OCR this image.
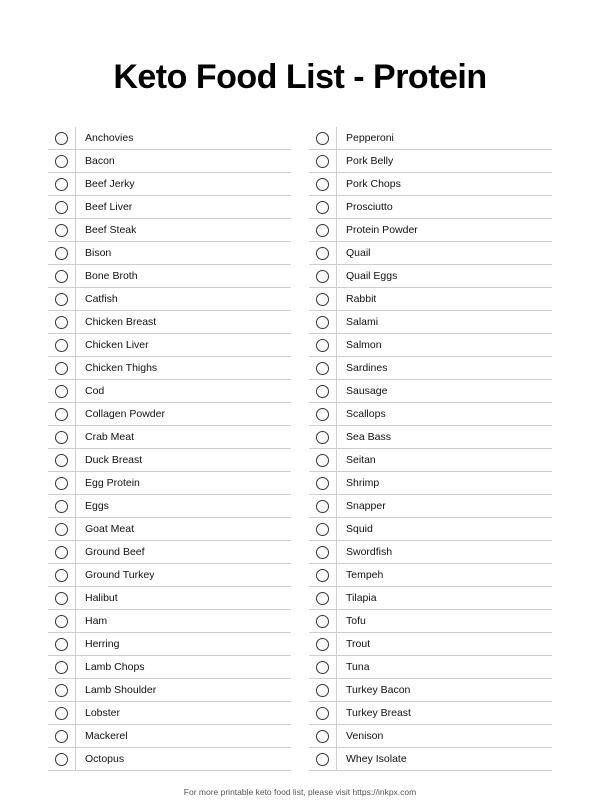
Keto Food List - Protein
Anchovies
Bacon
Beef Jerky
Beef Liver
Beef Steak
Bison
Bone Broth
Catfish
Chicken Breast
Chicken Liver
Chicken Thighs
Cod
Collagen Powder
Crab Meat
Duck Breast
Egg Protein
Eggs
Goat Meat
Ground Beef
Ground Turkey
Halibut
Ham
Herring
Lamb Chops
Lamb Shoulder
Lobster
Mackerel
Octopus
Pepperoni
Pork Belly
Pork Chops
Prosciutto
Protein Powder
Quail
Quail Eggs
Rabbit
Salami
Salmon
Sardines
Sausage
Scallops
Sea Bass
Seitan
Shrimp
Snapper
Squid
Swordfish
Tempeh
Tilapia
Tofu
Trout
Tuna
Turkey Bacon
Turkey Breast
Venison
Whey Isolate
For more printable keto food list, please visit https://inkpx.com
